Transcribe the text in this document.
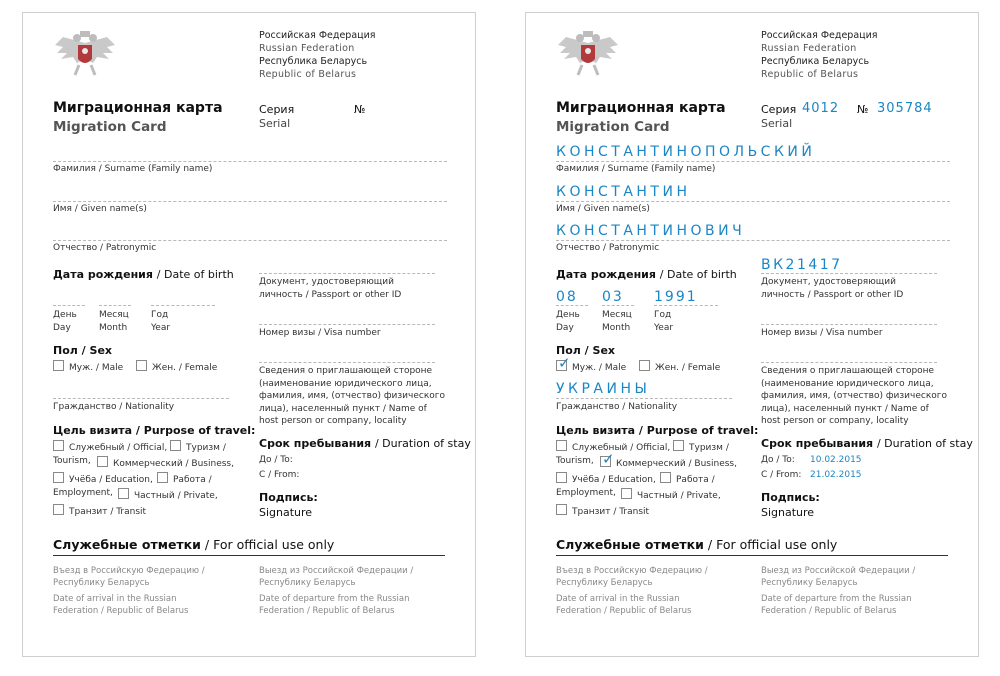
Российская Федерация
Russian Federation
Республика Беларусь
Republic of Belarus
Миграционная карта
Migration Card
Серия
Serial
№
Фамилия / Surname (Family name)
Имя / Given name(s)
Отчество / Patronymic
Дата рождения / Date of birth
День
Day
Месяц
Month
Год
Year
Пол / Sex
Муж. / Male	Жен. / Female
Гражданство / Nationality
Цель визита / Purpose of travel:
Служебный / Official,	Туризм /
Tourism,	Коммерческий / Business,
Учёба / Education,	Работа /
Employment,	Частный / Private,
Транзит / Transit
Документ, удостоверяющий
личность / Passport or other ID
Номер визы / Visa number
Сведения о приглашающей стороне
(наименование юридического лица,
фамилия, имя, (отчество) физического
лица), населенный пункт / Name of
host person or company, locality
Срок пребывания / Duration of stay
До / To:
С / From:
Подпись:
Signature
Служебные отметки / For official use only
Въезд в Российскую Федерацию /
Республику Беларусь
Date of arrival in the Russian
Federation / Republic of Belarus
Выезд из Российской Федерации /
Республику Беларусь
Date of departure from the Russian
Federation / Republic of Belarus
Российская Федерация
Russian Federation
Республика Беларусь
Republic of Belarus
Миграционная карта
Migration Card
Серия
Serial
4012 № 305784
КОНСТАНТИНОПОЛЬСКИЙ
Фамилия / Surname (Family name)
КОНСТАНТИН
Имя / Given name(s)
КОНСТАНТИНОВИЧ
Отчество / Patronymic
Дата рождения / Date of birth
08 03 1991
День
Day
Месяц
Month
Год
Year
Пол / Sex
✓ Муж. / Male	Жен. / Female
УКРАИНЫ
Гражданство / Nationality
Цель визита / Purpose of travel:
Служебный / Official,	Туризм /
Tourism, ✓ Коммерческий / Business,
Учёба / Education,	Работа /
Employment,	Частный / Private,
Транзит / Transit
ВК21417
Документ, удостоверяющий
личность / Passport or other ID
Номер визы / Visa number
Сведения о приглашающей стороне
(наименование юридического лица,
фамилия, имя, (отчество) физического
лица), населенный пункт / Name of
host person or company, locality
Срок пребывания / Duration of stay
До / To: 10.02.2015
С / From: 21.02.2015
Подпись:
Signature
Служебные отметки / For official use only
Въезд в Российскую Федерацию /
Республику Беларусь
Date of arrival in the Russian
Federation / Republic of Belarus
Выезд из Российской Федерации /
Республику Беларусь
Date of departure from the Russian
Federation / Republic of Belarus
